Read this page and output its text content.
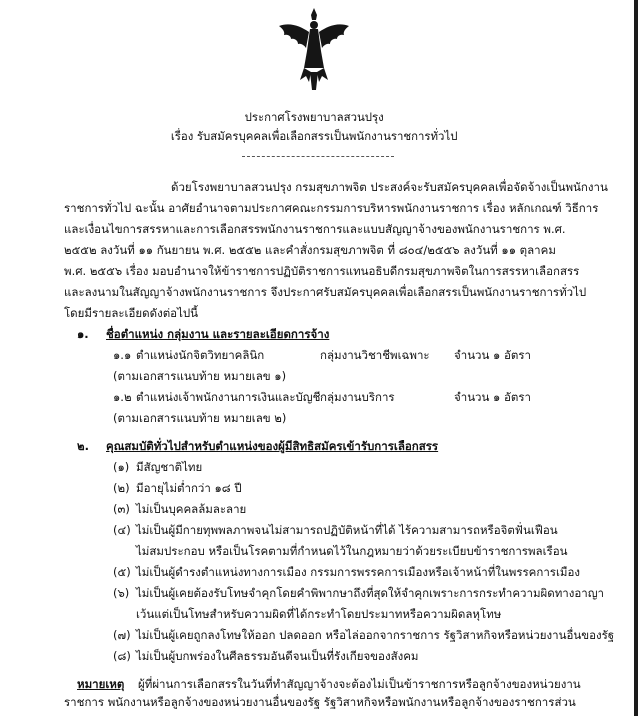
ประกาศโรงพยาบาลสวนปรุง
เรื่อง รับสมัครบุคคลเพื่อเลือกสรรเป็นพนักงานราชการทั่วไป
ด้วยโรงพยาบาลสวนปรุง กรมสุขภาพจิต ประสงค์จะรับสมัครบุคคลเพื่อจัดจ้างเป็นพนักงาน
ราชการทั่วไป ฉะนั้น อาศัยอำนาจตามประกาศคณะกรรมการบริหารพนักงานราชการ เรื่อง หลักเกณฑ์ วิธีการ
และเงื่อนไขการสรรหาและการเลือกสรรพนักงานราชการและแบบสัญญาจ้างของพนักงานราชการ พ.ศ.
๒๕๕๒ ลงวันที่ ๑๑ กันยายน พ.ศ. ๒๕๕๒ และคำสั่งกรมสุขภาพจิต ที่ ๘๐๔/๒๕๕๖ ลงวันที่ ๑๑ ตุลาคม
พ.ศ. ๒๕๕๖ เรื่อง มอบอำนาจให้ข้าราชการปฏิบัติราชการแทนอธิบดีกรมสุขภาพจิตในการสรรหาเลือกสรร
และลงนามในสัญญาจ้างพนักงานราชการ จึงประกาศรับสมัครบุคคลเพื่อเลือกสรรเป็นพนักงานราชการทั่วไป
โดยมีรายละเอียดดังต่อไปนี้
๑. ชื่อตำแหน่ง กลุ่มงาน และรายละเอียดการจ้าง
๑.๑ ตำแหน่งนักจิตวิทยาคลินิก	กลุ่มงานวิชาชีพเฉพาะ จำนวน ๑ อัตรา
(ตามเอกสารแนบท้าย หมายเลข ๑)
๑.๒ ตำแหน่งเจ้าพนักงานการเงินและบัญชี กลุ่มงานบริการ	จำนวน ๑ อัตรา
(ตามเอกสารแนบท้าย หมายเลข ๒)
๒. คุณสมบัติทั่วไปสำหรับตำแหน่งของผู้มีสิทธิสมัครเข้ารับการเลือกสรร
(๑) มีสัญชาติไทย
(๒) มีอายุไม่ต่ำกว่า ๑๘ ปี
(๓) ไม่เป็นบุคคลล้มละลาย
(๔) ไม่เป็นผู้มีกายทุพพลภาพจนไม่สามารถปฏิบัติหน้าที่ได้ ไร้ความสามารถหรือจิตฟั่นเฟือน
ไม่สมประกอบ หรือเป็นโรคตามที่กำหนดไว้ในกฎหมายว่าด้วยระเบียบข้าราชการพลเรือน
(๕) ไม่เป็นผู้ดำรงตำแหน่งทางการเมือง กรรมการพรรคการเมืองหรือเจ้าหน้าที่ในพรรคการเมือง
(๖) ไม่เป็นผู้เคยต้องรับโทษจำคุกโดยคำพิพากษาถึงที่สุดให้จำคุกเพราะการกระทำความผิดทางอาญา
เว้นแต่เป็นโทษสำหรับความผิดที่ได้กระทำโดยประมาทหรือความผิดลหุโทษ
(๗) ไม่เป็นผู้เคยถูกลงโทษให้ออก ปลดออก หรือไล่ออกจากราชการ รัฐวิสาหกิจหรือหน่วยงานอื่นของรัฐ
(๘) ไม่เป็นผู้บกพร่องในศีลธรรมอันดีจนเป็นที่รังเกียจของสังคม
หมายเหตุ ผู้ที่ผ่านการเลือกสรรในวันที่ทำสัญญาจ้างจะต้องไม่เป็นข้าราชการหรือลูกจ้างของหน่วยงาน
ราชการ พนักงานหรือลูกจ้างของหน่วยงานอื่นของรัฐ รัฐวิสาหกิจหรือพนักงานหรือลูกจ้างของราชการส่วน
